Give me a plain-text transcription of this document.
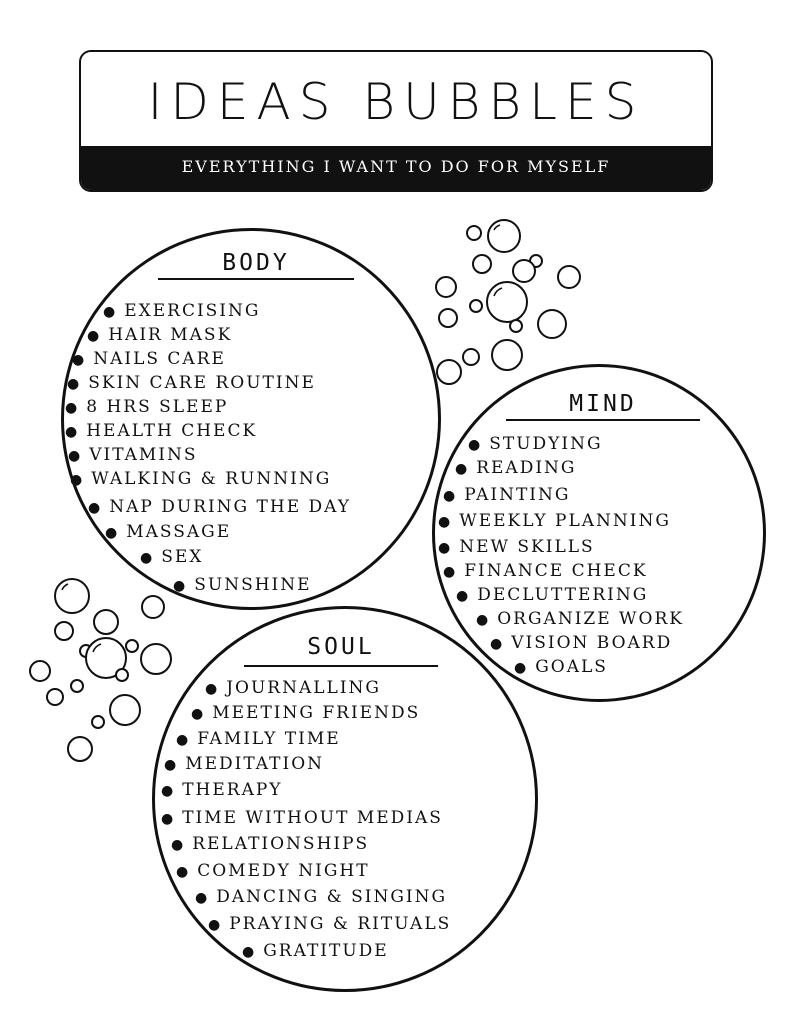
IDEAS BUBBLES
EVERYTHING I WANT TO DO FOR MYSELF
BODY
● EXERCISING
● HAIR MASK
● NAILS CARE
● SKIN CARE ROUTINE
● 8 HRS SLEEP
● HEALTH CHECK
● VITAMINS
● WALKING & RUNNING
● NAP DURING THE DAY
● MASSAGE
● SEX
● SUNSHINE
MIND
● STUDYING
● READING
● PAINTING
● WEEKLY PLANNING
● NEW SKILLS
● FINANCE CHECK
● DECLUTTERING
● ORGANIZE WORK
● VISION BOARD
● GOALS
SOUL
● JOURNALLING
● MEETING FRIENDS
● FAMILY TIME
● MEDITATION
● THERAPY
● TIME WITHOUT MEDIAS
● RELATIONSHIPS
● COMEDY NIGHT
● DANCING & SINGING
● PRAYING & RITUALS
● GRATITUDE
